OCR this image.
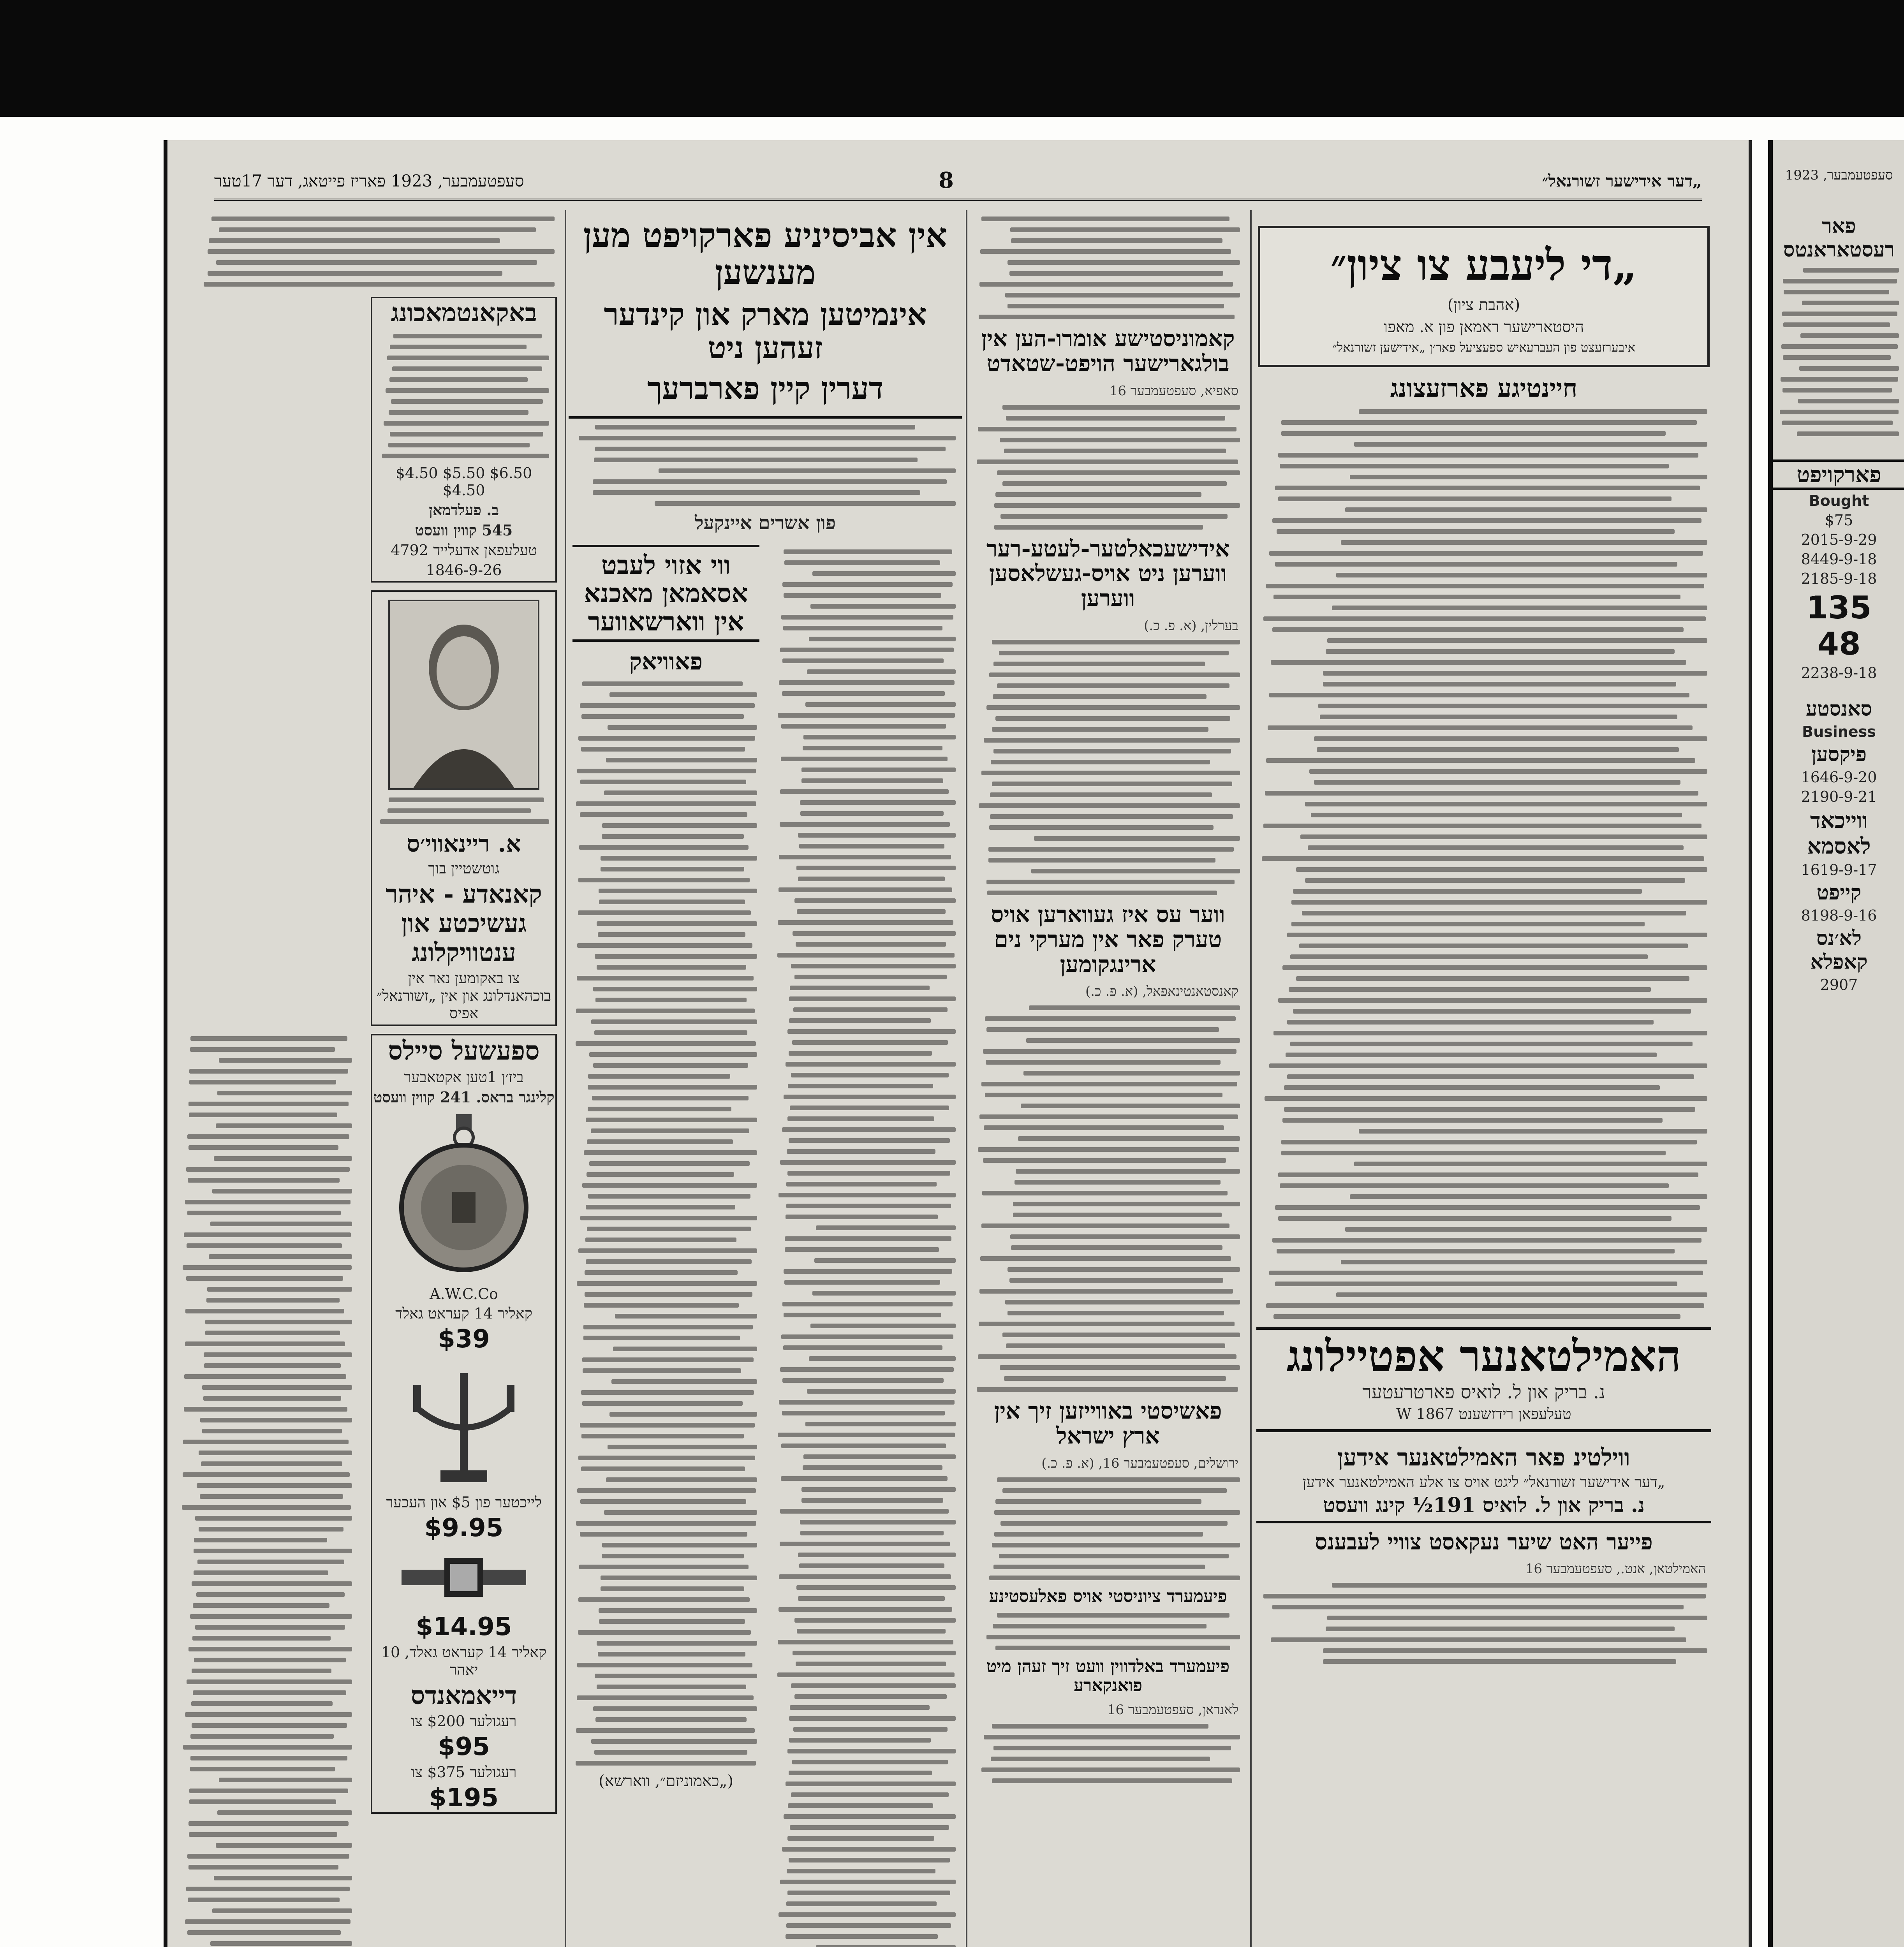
„דער אידישער זשורנאל״
8
סעפטעמבער, 1923 פאריז פייטאג, דער 17טער
„די ליעבע צו ציון״
(אהבת ציון)
היסטארישער ראמאן פון א. מאפו
איבערזעצט פון העברעאיש ספעציעל פאר׳ן „אידישען זשורנאל״
חיינטיגע פארזעצונג
האמילטאנער אפטיילונג
נ. בריק און ל. לואיס פארטרעטער
טעלעפאן רידזשענט 1867 W
ווילטינ פאר האמילטאנער אידען
„דער אידישער זשורנאל״ ליגט אויס צו אלע האמילטאנער אידען
נ. בריק און ל. לואיס 191½ קינג וועסט
פייער האט שיער נעקאסט צוויי לעבענס
האמילטאן, אנט., סעפטעמבער 16
קאמוניסטישע אומרו-הען אין בולגארישער הויפט-שטאדט
סאפיא, סעפטעמבער 16
אידישעכאלטער-לעטע-רער ווערען ניט אויס-געשלאסען ווערען
בערלין, (א. פ. כ.)
ווער עס איז געווארען אויס טערק פאר אין מערקי נים ארינגקומען
קאנסטאנטינאפאל, (א. פ. כ.)
פאשיסטי באווייזען זיך אין ארץ ישראל
ירושלים, סעפטעמבער 16, (א. פ. כ.)
פיעמערד ציוניסטי אויס פאלעסטינע
פיעמערד באלדווין וועט זיך זעהן מיט פואנקארע
לאנדאן, סעפטעמבער 16
אין אביסיניע פארקויפט מען מענשען
אינמיטען מארק און קינדער זעהען ניט
דערין קיין פארברעך
פון אשרים איינקעל
ווי אזוי לעבט אסאמאן מאכנא אין ווארשאווער
פאוויאק
(„כאמוניזם״, ווארשא)
באקאנטמאכונג
$6.50 $5.50 $4.50 $4.50
ב. פעלדמאן
545 קווין וועסט
טעלעפאן אדעלייד 4792
1846-9-26
א. ריינאווי׳ס
גוטשטיין בוך
קאנאדע - איהר געשיכטע און ענטוויקלונג
צו באקומען נאר אין בוכהאנדלונג און אין „זשורנאל״ אפיס
ספעשעל סיילס
ביז׳ן 1טען אקטאבער
קלינגר בראס. 241 קווין וועסט
A.W.C.Co
קאליר 14 קעראט גאלד
$39
לייכטער פון $5 און העכער
$9.95
$14.95
קאליר 14 קעראט גאלד, 10 יאהר
דייאמאנדס
רעגולער $200 צו
$95
רעגולער $375 צו
$195
סעפטעמבער, 1923
פאר
רעסטאראנטס
פארקויפט
Bought
$75
2015-9-29
8449-9-18
2185-9-18
135
48
2238-9-18
סאנסטע
Business
פיקסען
1646-9-20
2190-9-21
ווייכאד
לאסמא
1619-9-17
קייפט
8198-9-16
לא׳נס
קאפלא
2907
